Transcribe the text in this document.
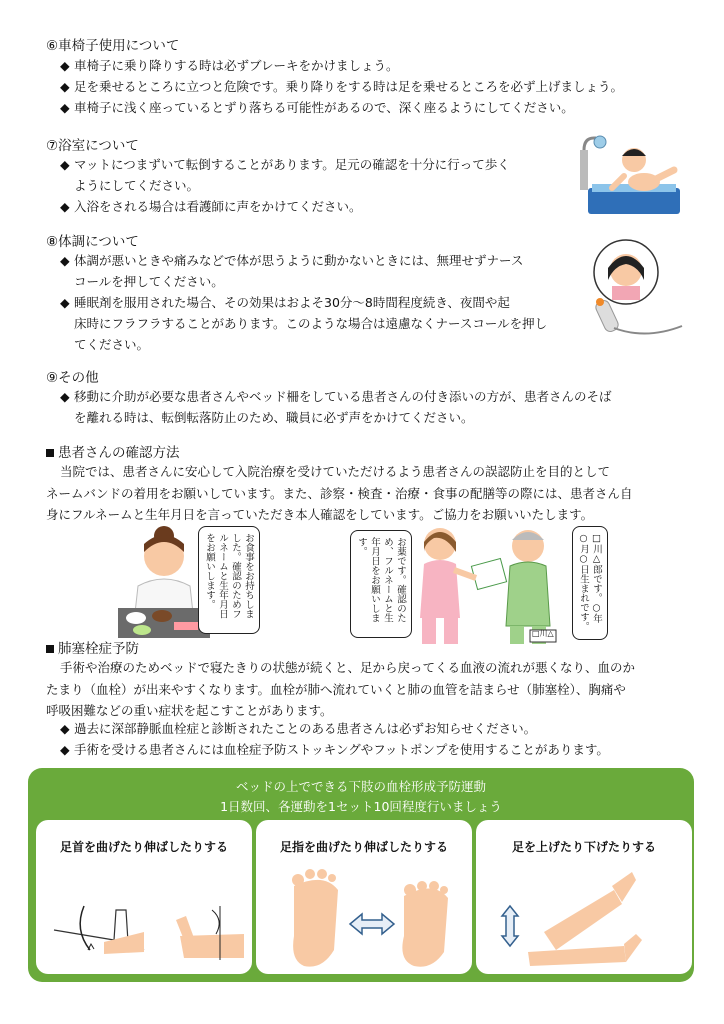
⑥車椅子使用について
◆ 車椅子に乗り降りする時は必ずブレーキをかけましょう。
◆ 足を乗せるところに立つと危険です。乗り降りをする時は足を乗せるところを必ず上げましょう。
◆ 車椅子に浅く座っているとずり落ちる可能性があるので、深く座るようにしてください。
⑦浴室について
◆ マットにつまずいて転倒することがあります。足元の確認を十分に行って歩く
ようにしてください。
◆ 入浴をされる場合は看護師に声をかけてください。
⑧体調について
◆ 体調が悪いときや痛みなどで体が思うように動かないときには、無理せずナース
コールを押してください。
◆ 睡眠剤を服用された場合、その効果はおよそ30分～8時間程度続き、夜間や起
床時にフラフラすることがあります。このような場合は遠慮なくナースコールを押し
てください。
⑨その他
◆ 移動に介助が必要な患者さんやベッド柵をしている患者さんの付き添いの方が、患者さんのそば
を離れる時は、転倒転落防止のため、職員に必ず声をかけてください。
患者さんの確認方法
当院では、患者さんに安心して入院治療を受けていただけるよう患者さんの誤認防止を目的として
ネームバンドの着用をお願いしています。また、診察・検査・治療・食事の配膳等の際には、患者さん自
身にフルネームと生年月日を言っていただき本人確認をしています。ご協力をお願いいたします。
お食事をお持ちしました。確認のためフルネームと生年月日をお願いします。	お薬です。確認のため、フルネームと生年月日をお願いします。
□川△
□川△郎です。○年○月○日生まれです。
肺塞栓症予防
手術や治療のためベッドで寝たきりの状態が続くと、足から戻ってくる血液の流れが悪くなり、血のか
たまり（血栓）が出来やすくなります。血栓が肺へ流れていくと肺の血管を詰まらせ（肺塞栓）、胸痛や
呼吸困難などの重い症状を起こすことがあります。
◆ 過去に深部静脈血栓症と診断されたことのある患者さんは必ずお知らせください。
◆ 手術を受ける患者さんには血栓症予防ストッキングやフットポンプを使用することがあります。
ベッドの上でできる下肢の血栓形成予防運動
1日数回、各運動を1セット10回程度行いましょう
足首を曲げたり伸ばしたりする	足指を曲げたり伸ばしたりする	足を上げたり下げたりする
